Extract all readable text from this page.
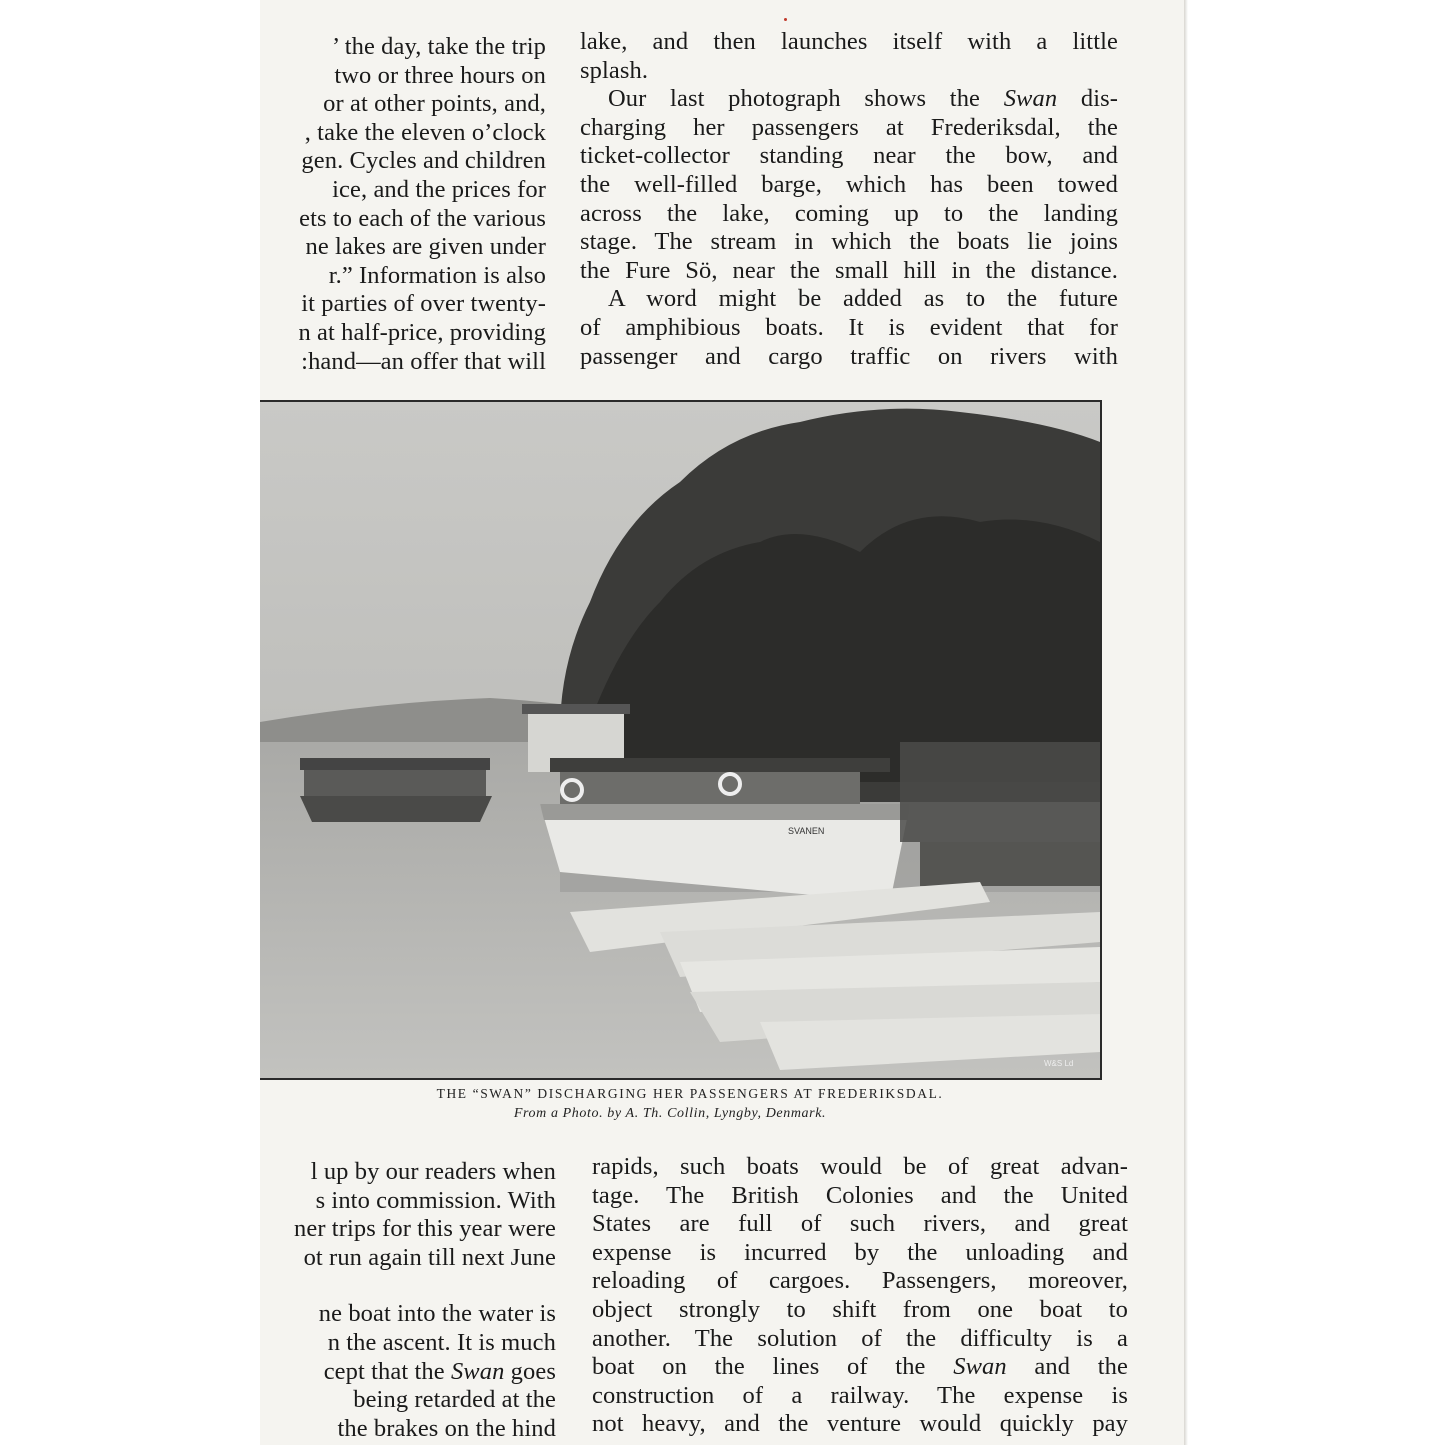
’ the day, take the trip
two or three hours on
or at other points, and,
, take the eleven o’clock
gen. Cycles and children
ice, and the prices for
ets to each of the various
ne lakes are given under
r.” Information is also
it parties of over twenty-
n at half-price, providing
:hand—an offer that will
lake, and then launches itself with a little
splash.
Our last photograph shows the Swan dis-
charging her passengers at Frederiksdal, the
ticket-collector standing near the bow, and
the well-filled barge, which has been towed
across the lake, coming up to the landing
stage. The stream in which the boats lie joins
the Fure Sö, near the small hill in the distance.
A word might be added as to the future
of amphibious boats. It is evident that for
passenger and cargo traffic on rivers with
SVANEN
W&S Ld
THE “SWAN” DISCHARGING HER PASSENGERS AT FREDERIKSDAL.
From a Photo. by A. Th. Collin, Lyngby, Denmark.
l up by our readers when
s into commission. With
ner trips for this year were
ot run again till next June
ne boat into the water is
n the ascent. It is much
cept that the Swan goes
being retarded at the
the brakes on the hind
rapids, such boats would be of great advan-
tage. The British Colonies and the United
States are full of such rivers, and great
expense is incurred by the unloading and
reloading of cargoes. Passengers, moreover,
object strongly to shift from one boat to
another. The solution of the difficulty is a
boat on the lines of the Swan and the
construction of a railway. The expense is
not heavy, and the venture would quickly pay
